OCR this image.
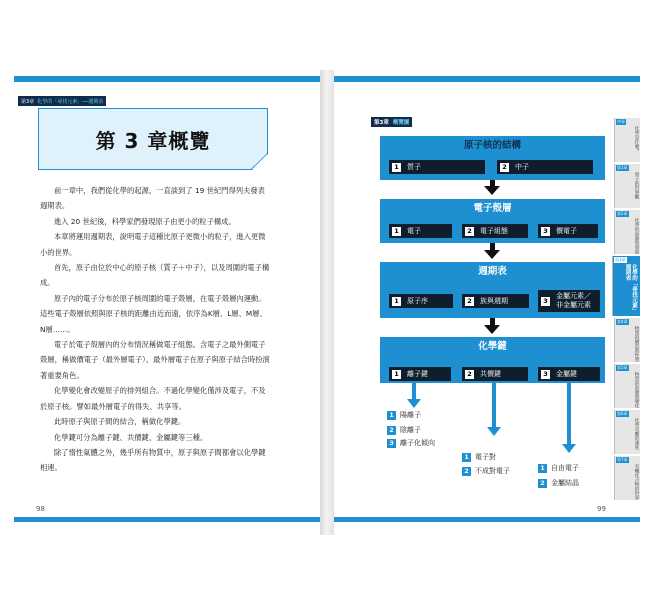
第3章 化學的「尋找元素」──週期表
第 3 章概覽

前一章中，我們從化學的起源，一直談到了 19 世紀門得列夫發表週期表。

進入 20 世紀後，科學家們發現原子由更小的粒子構成。

本章將運用週期表，說明電子這種比原子更微小的粒子，進入更微小的世界。

首先，原子由位於中心的原子核（質子＋中子），以及周圍的電子構成。

原子內的電子分布於原子核周圍的電子殼層，在電子殼層內運動。這些電子殼層依照與原子核的距離由近而遠，依序為K層、L層、M層、N層……。

電子於電子殼層內的分布情況稱做電子組態。含電子之最外側電子殼層，稱做價電子（最外層電子）。最外層電子在原子與原子結合時扮演著重要角色。

化學變化會改變原子的排列組合。不過化學變化僅涉及電子，不及於原子核。譬如最外層電子的得失、共享等。

此時原子與原子間的結合，稱做化學鍵。

化學鍵可分為離子鍵、共價鍵、金屬鍵等三種。

除了惰性氣體之外，幾乎所有物質中，原子與原子間都會以化學鍵相連。

98
第3章 概覽圖
原子核的結構
1	質子	2	中子
電子殼層
1	電子	2	電子組態	3	價電子
週期表
1	原子序	2	族與週期	3
金屬元素／
非金屬元素
化學鍵
1	離子鍵	2	共價鍵	3	金屬鍵
1 陽離子
2 陰離子
3 離子化傾向
1 電子對
2 不成對電子	1 自由電子
2 金屬結晶
99
序章
化學是什麼？
第1章
原子的世界觀
第2章
化學的起源與發展
第3章
化學的「尋找元素」週期表
第4章
物質的構造與性質
第5章
物質的狀態與變化
第6章
化學反應的速度
第7章
有機化合物的世界
